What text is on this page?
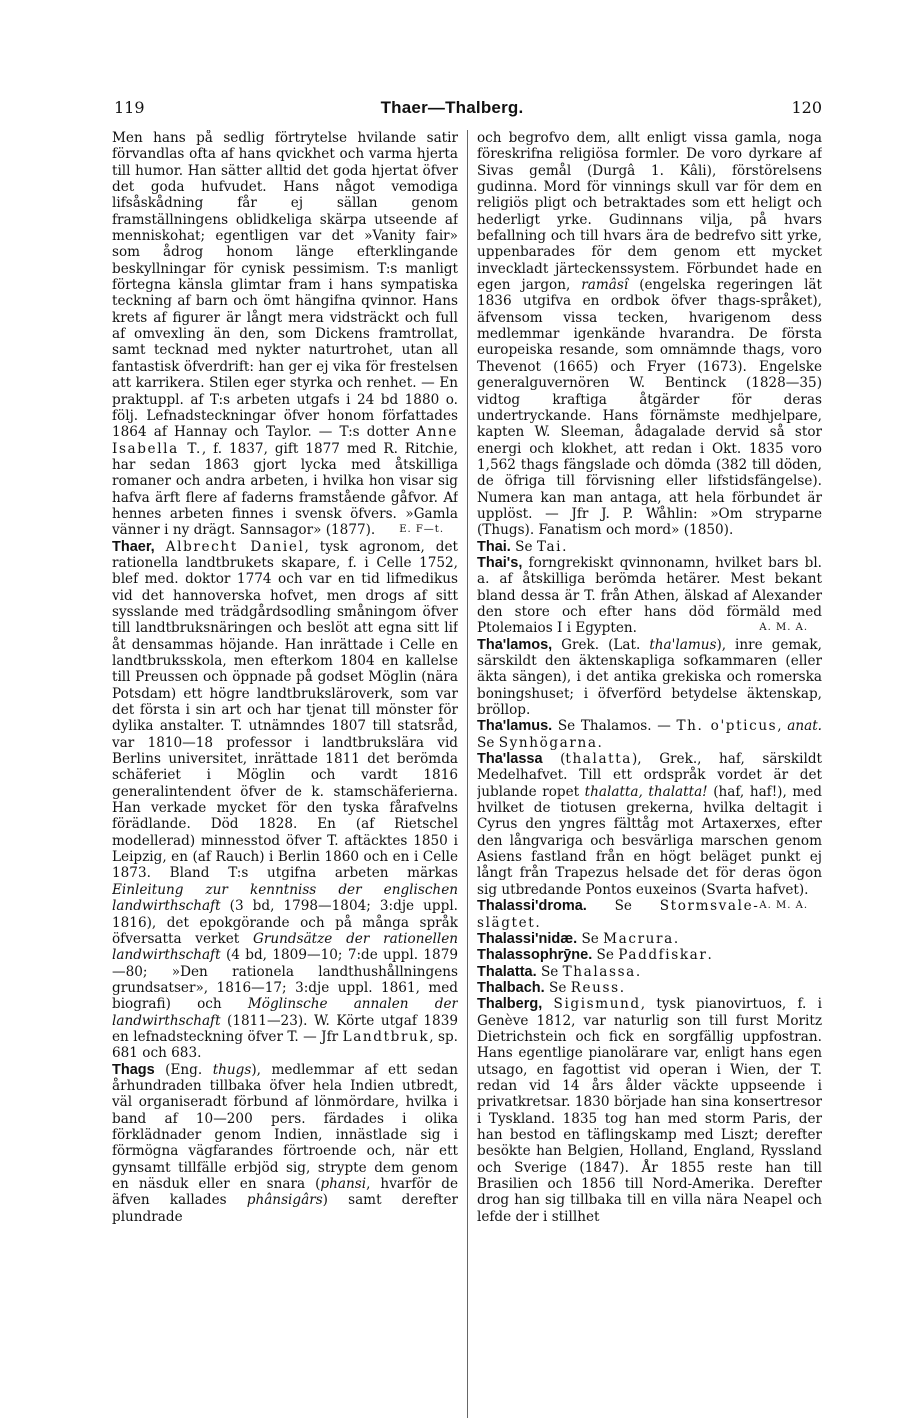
119	Thaer—Thalberg.	120

Men hans på sedlig förtrytelse hvilande satir förvandlas ofta af hans qvickhet och varma hjerta till humor. Han sätter alltid det goda hjertat öfver det goda hufvudet. Hans något vemodiga lifsåskådning får ej sällan genom framställningens oblidkeliga skärpa utseende af menniskohat; egentligen var det »Vanity fair» som ådrog honom länge efterklingande beskyllningar för cynisk pessimism. T:s manligt förtegna känsla glimtar fram i hans sympatiska teckning af barn och ömt hängifna qvinnor. Hans krets af figurer är långt mera vidsträckt och full af omvexling än den, som Dickens framtrollat, samt tecknad med nykter naturtrohet, utan all fantastisk öfverdrift: han ger ej vika för frestelsen att karrikera. Stilen eger styrka och renhet. — En praktuppl. af T:s arbeten utgafs i 24 bd 1880 o. följ. Lefnadsteckningar öfver honom författades 1864 af Hannay och Taylor. — T:s dotter Anne Isabella T., f. 1837, gift 1877 med R. Ritchie, har sedan 1863 gjort lycka med åtskilliga romaner och andra arbeten, i hvilka hon visar sig hafva ärft flere af faderns framstående gåfvor. Af hennes arbeten finnes i svensk öfvers. »Gamla vänner i ny drägt. Sannsagor» (1877). E. F—t.

Thaer, Albrecht Daniel, tysk agronom, det rationella landtbrukets skapare, f. i Celle 1752, blef med. doktor 1774 och var en tid lifmedikus vid det hannoverska hofvet, men drogs af sitt sysslande med trädgårdsodling småningom öfver till landtbruksnäringen och beslöt att egna sitt lif åt densammas höjande. Han inrättade i Celle en landtbruksskola, men efterkom 1804 en kallelse till Preussen och öppnade på godset Möglin (nära Potsdam) ett högre landtbruksläroverk, som var det första i sin art och har tjenat till mönster för dylika anstalter. T. utnämndes 1807 till statsråd, var 1810—18 professor i landtbrukslära vid Berlins universitet, inrättade 1811 det berömda schäferiet i Möglin och vardt 1816 generalintendent öfver de k. stamschäferierna. Han verkade mycket för den tyska fårafvelns förädlande. Död 1828. En (af Rietschel modellerad) minnesstod öfver T. aftäcktes 1850 i Leipzig, en (af Rauch) i Berlin 1860 och en i Celle 1873. Bland T:s utgifna arbeten märkas Einleitung zur kenntniss der englischen landwirthschaft (3 bd, 1798—1804; 3:dje uppl. 1816), det epokgörande och på många språk öfversatta verket Grundsätze der rationellen landwirthschaft (4 bd, 1809—10; 7:de uppl. 1879—80; »Den rationela landthushållningens grundsatser», 1816—17; 3:dje uppl. 1861, med biografi) och Möglinsche annalen der landwirthschaft (1811—23). W. Körte utgaf 1839 en lefnadsteckning öfver T. — Jfr Landtbruk, sp. 681 och 683.

Thags (Eng. thugs), medlemmar af ett sedan århundraden tillbaka öfver hela Indien utbredt, väl organiseradt förbund af lönmördare, hvilka i band af 10—200 pers. färdades i olika förklädnader genom Indien, innästlade sig i förmögna vägfarandes förtroende och, när ett gynsamt tillfälle erbjöd sig, strypte dem genom en näsduk eller en snara (phansi, hvarför de äfven kallades phânsigârs) samt derefter plundrade

och begrofvo dem, allt enligt vissa gamla, noga föreskrifna religiösa formler. De voro dyrkare af Sivas gemål (Durgâ 1. Kâli), förstörelsens gudinna. Mord för vinnings skull var för dem en religiös pligt och betraktades som ett heligt och hederligt yrke. Gudinnans vilja, på hvars befallning och till hvars ära de bedrefvo sitt yrke, uppenbarades för dem genom ett mycket inveckladt järteckenssystem. Förbundet hade en egen jargon, ramâsî (engelska regeringen lät 1836 utgifva en ordbok öfver thags-språket), äfvensom vissa tecken, hvarigenom dess medlemmar igenkände hvarandra. De första europeiska resande, som omnämnde thags, voro Thevenot (1665) och Fryer (1673). Engelske generalguvernören W. Bentinck (1828—35) vidtog kraftiga åtgärder för deras undertryckande. Hans förnämste medhjelpare, kapten W. Sleeman, ådagalade dervid så stor energi och klokhet, att redan i Okt. 1835 voro 1,562 thags fängslade och dömda (382 till döden, de öfriga till förvisning eller lifstidsfängelse). Numera kan man antaga, att hela förbundet är upplöst. — Jfr J. P. Wåhlin: »Om stryparne (Thugs). Fanatism och mord» (1850).

Thai. Se Tai.

Thai's, forngrekiskt qvinnonamn, hvilket bars bl. a. af åtskilliga berömda hetärer. Mest bekant bland dessa är T. från Athen, älskad af Alexander den store och efter hans död förmäld med Ptolemaios I i Egypten.	A. M. A.

Tha'lamos, Grek. (Lat. tha'lamus), inre gemak, särskildt den äktenskapliga sofkammaren (eller äkta sängen), i det antika grekiska och romerska boningshuset; i öfverförd betydelse äktenskap, bröllop.

Tha'lamus. Se Thalamos. — Th. o'pticus, anat. Se Synhögarna.

Tha'lassa (thalatta), Grek., haf, särskildt Medelhafvet. Till ett ordspråk vordet är det jublande ropet thalatta, thalatta! (haf, haf!), med hvilket de tiotusen grekerna, hvilka deltagit i Cyrus den yngres fälttåg mot Artaxerxes, efter den långvariga och besvärliga marschen genom Asiens fastland från en högt beläget punkt ej långt från Trapezus helsade det för deras ögon sig utbredande Pontos euxeinos (Svarta hafvet).
A. M. A.

Thalassi'droma. Se Stormsvale-slägtet.

Thalassi'nidæ. Se Macrura.

Thalassophrȳne. Se Paddfiskar.

Thalatta. Se Thalassa.

Thalbach. Se Reuss.

Thalberg, Sigismund, tysk pianovirtuos, f. i Genève 1812, var naturlig son till furst Moritz Dietrichstein och fick en sorgfällig uppfostran. Hans egentlige pianolärare var, enligt hans egen utsago, en fagottist vid operan i Wien, der T. redan vid 14 års ålder väckte uppseende i privatkretsar. 1830 började han sina konsertresor i Tyskland. 1835 tog han med storm Paris, der han bestod en täflingskamp med Liszt; derefter besökte han Belgien, Holland, England, Ryssland och Sverige (1847). År 1855 reste han till Brasilien och 1856 till Nord-Amerika. Derefter drog han sig tillbaka till en villa nära Neapel och lefde der i stillhet
